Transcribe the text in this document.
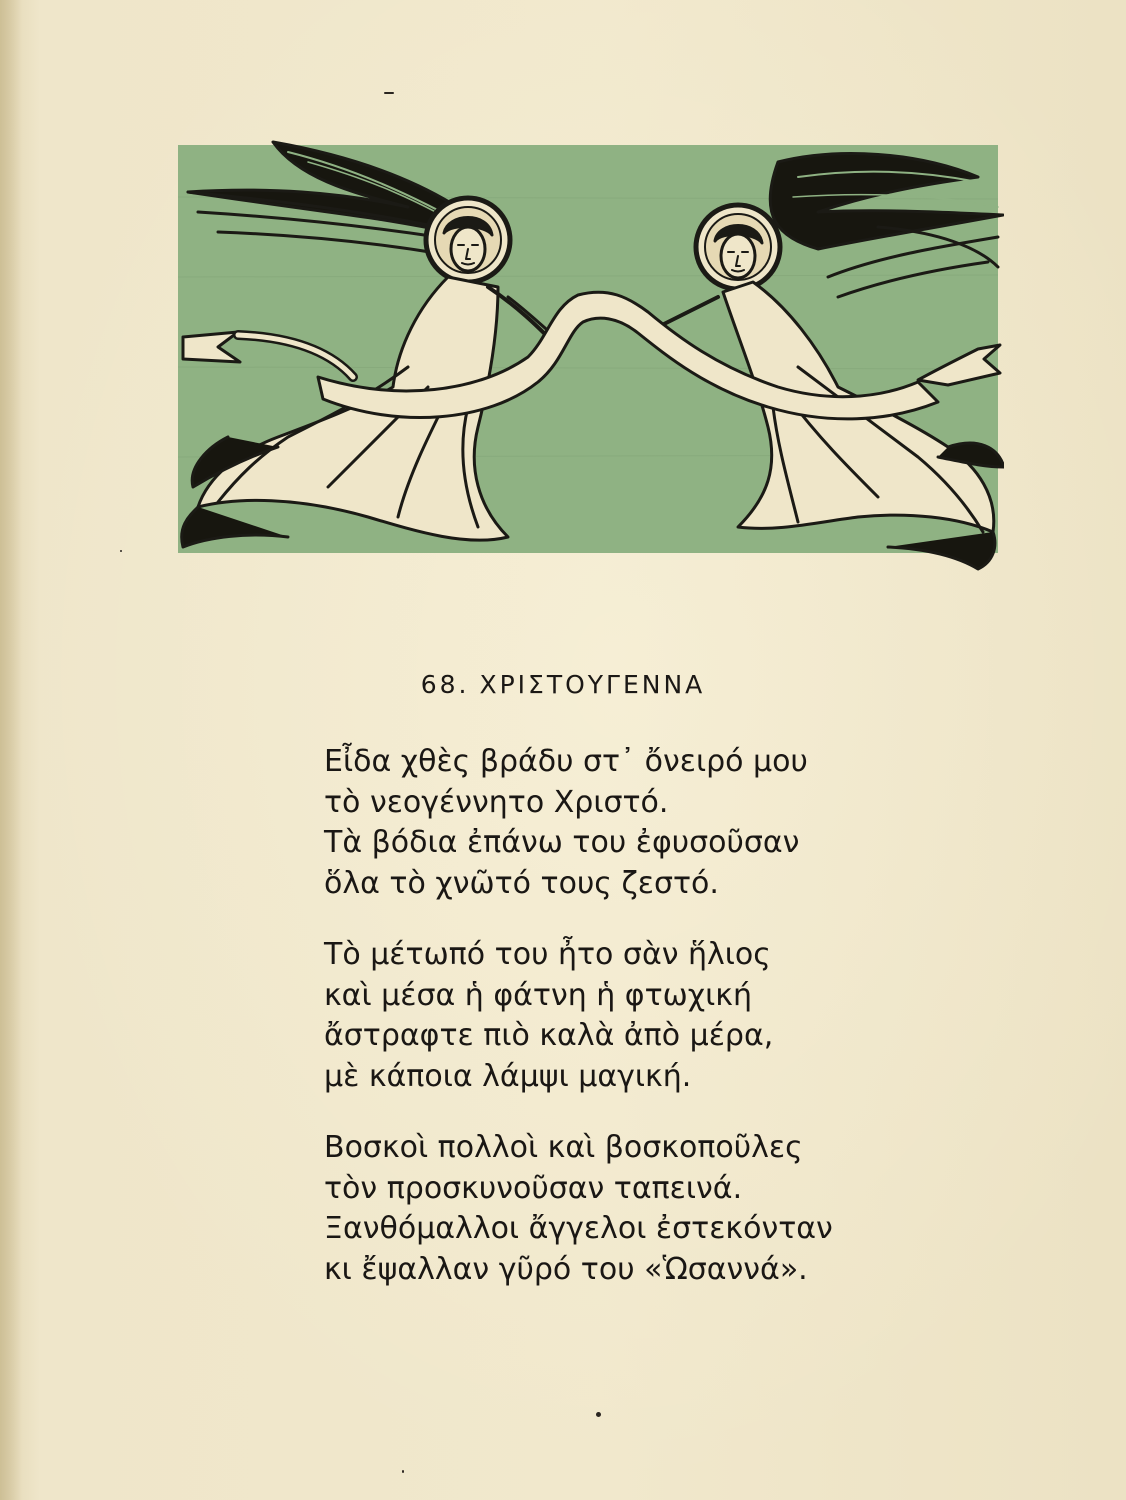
68. ΧΡΙΣΤΟΥΓΕΝΝΑ
Εἶδα χθὲς βράδυ στ᾿ ὄνειρό μου
τὸ νεογέννητο Χριστό.
Τὰ βόδια ἐπάνω του ἐφυσοῦσαν
ὅλα τὸ χνῶτό τους ζεστό.
Τὸ μέτωπό του ἦτο σὰν ἥλιος
καὶ μέσα ἡ φάτνη ἡ φτωχική
ἄστραφτε πιὸ καλὰ ἀπὸ μέρα,
μὲ κάποια λάμψι μαγική.
Βοσκοὶ πολλοὶ καὶ βοσκοποῦλες
τὸν προσκυνοῦσαν ταπεινά.
Ξανθόμαλλοι ἄγγελοι ἐστεκόνταν
κι ἔψαλλαν γῦρό του «Ὡσαννά».
